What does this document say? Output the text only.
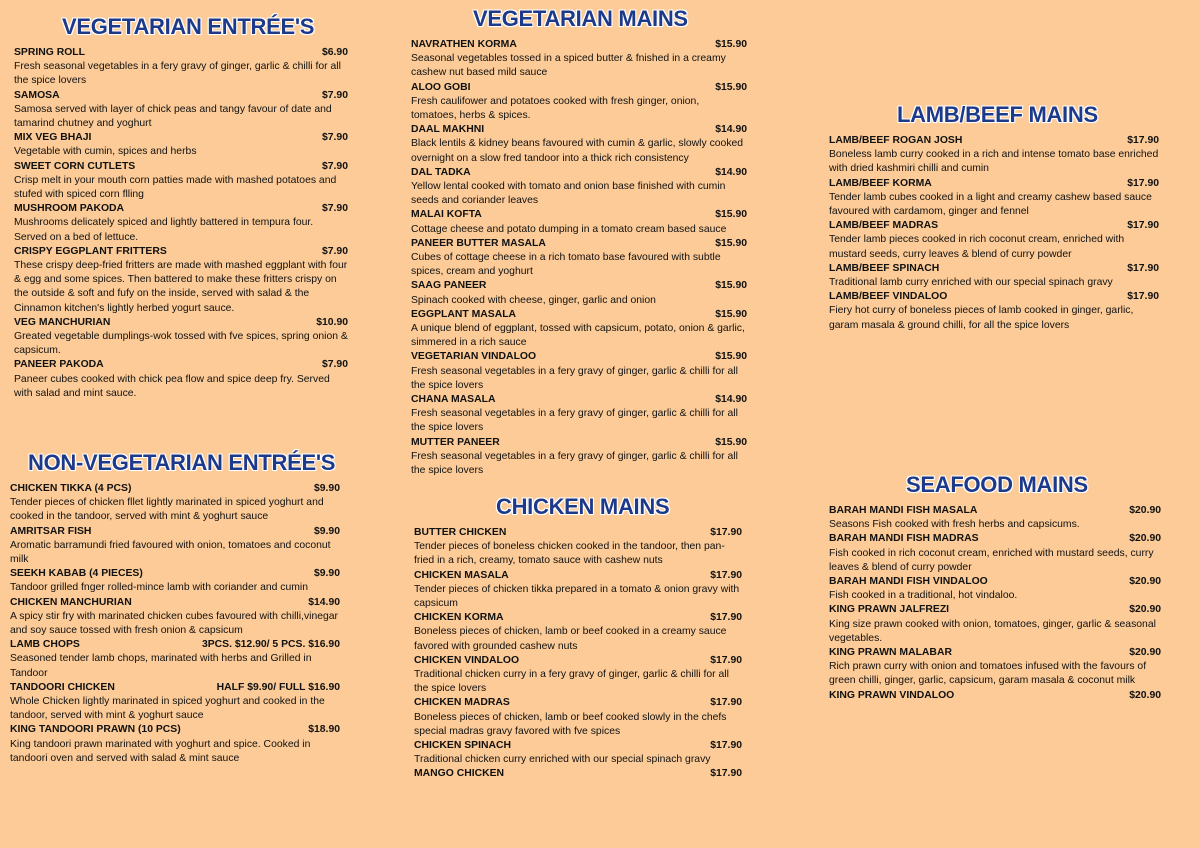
VEGETARIAN ENTRÉE'S
SPRING ROLL	$6.90
Fresh seasonal vegetables in a fery gravy of ginger, garlic & chilli for all the spice lovers
SAMOSA	$7.90
Samosa served with layer of chick peas and tangy favour of date and tamarind chutney and yoghurt
MIX VEG BHAJI	$7.90
Vegetable with cumin, spices and herbs
SWEET CORN CUTLETS	$7.90
Crisp melt in your mouth corn patties made with mashed potatoes and stufed with spiced corn flling
MUSHROOM PAKODA	$7.90
Mushrooms delicately spiced and lightly battered in tempura four. Served on a bed of lettuce.
CRISPY EGGPLANT FRITTERS	$7.90
These crispy deep-fried fritters are made with mashed eggplant with four & egg and some spices. Then battered to make these fritters crispy on the outside & soft and fufy on the inside, served with salad & the Cinnamon kitchen's lightly herbed yogurt sauce.
VEG MANCHURIAN	$10.90
Greated vegetable dumplings-wok tossed with fve spices, spring onion & capsicum.
PANEER PAKODA	$7.90
Paneer cubes cooked with chick pea flow and spice deep fry. Served with salad and mint sauce.
NON-VEGETARIAN ENTRÉE'S
CHICKEN TIKKA (4 PCS)	$9.90
Tender pieces of chicken fllet lightly marinated in spiced yoghurt and cooked in the tandoor, served with mint & yoghurt sauce
AMRITSAR FISH	$9.90
Aromatic barramundi fried favoured with onion, tomatoes and coconut milk
SEEKH KABAB (4 PIECES)	$9.90
Tandoor grilled fnger rolled-mince lamb with coriander and cumin
CHICKEN MANCHURIAN	$14.90
A spicy stir fry with marinated chicken cubes favoured with chilli,vinegar and soy sauce tossed with fresh onion & capsicum
LAMB CHOPS	3PCS. $12.90/ 5 PCS. $16.90
Seasoned tender lamb chops, marinated with herbs and Grilled in Tandoor
TANDOORI CHICKEN	HALF $9.90/ FULL $16.90
Whole Chicken lightly marinated in spiced yoghurt and cooked in the tandoor, served with mint & yoghurt sauce
KING TANDOORI PRAWN (10 PCS)	$18.90
King tandoori prawn marinated with yoghurt and spice. Cooked in tandoori oven and served with salad & mint sauce
VEGETARIAN MAINS
NAVRATHEN KORMA	$15.90
Seasonal vegetables tossed in a spiced butter & fnished in a creamy cashew nut based mild sauce
ALOO GOBI	$15.90
Fresh caulifower and potatoes cooked with fresh ginger, onion, tomatoes, herbs & spices.
DAAL MAKHNI	$14.90
Black lentils & kidney beans favoured with cumin & garlic, slowly cooked overnight on a slow fred tandoor into a thick rich consistency
DAL TADKA	$14.90
Yellow lental cooked with tomato and onion base finished with cumin seeds and coriander leaves
MALAI KOFTA	$15.90
Cottage cheese and potato dumping in a tomato cream based sauce
PANEER BUTTER MASALA	$15.90
Cubes of cottage cheese in a rich tomato base favoured with subtle spices, cream and yoghurt
SAAG PANEER	$15.90
Spinach cooked with cheese, ginger, garlic and onion
EGGPLANT MASALA	$15.90
A unique blend of eggplant, tossed with capsicum, potato, onion & garlic, simmered in a rich sauce
VEGETARIAN VINDALOO	$15.90
Fresh seasonal vegetables in a fery gravy of ginger, garlic & chilli for all the spice lovers
CHANA MASALA	$14.90
Fresh seasonal vegetables in a fery gravy of ginger, garlic & chilli for all the spice lovers
MUTTER PANEER	$15.90
Fresh seasonal vegetables in a fery gravy of ginger, garlic & chilli for all the spice lovers
CHICKEN MAINS
BUTTER CHICKEN	$17.90
Tender pieces of boneless chicken cooked in the tandoor, then pan-fried in a rich, creamy, tomato sauce with cashew nuts
CHICKEN MASALA	$17.90
Tender pieces of chicken tikka prepared in a tomato & onion gravy with capsicum
CHICKEN KORMA	$17.90
Boneless pieces of chicken, lamb or beef cooked in a creamy sauce favored with grounded cashew nuts
CHICKEN VINDALOO	$17.90
Traditional chicken curry in a fery gravy of ginger, garlic & chilli for all the spice lovers
CHICKEN MADRAS	$17.90
Boneless pieces of chicken, lamb or beef cooked slowly in the chefs special madras gravy favored with fve spices
CHICKEN SPINACH	$17.90
Traditional chicken curry enriched with our special spinach gravy
MANGO CHICKEN	$17.90
LAMB/BEEF MAINS
LAMB/BEEF ROGAN JOSH	$17.90
Boneless lamb curry cooked in a rich and intense tomato base enriched with dried kashmiri chilli and cumin
LAMB/BEEF KORMA	$17.90
Tender lamb cubes cooked in a light and creamy cashew based sauce favoured with cardamom, ginger and fennel
LAMB/BEEF MADRAS	$17.90
Tender lamb pieces cooked in rich coconut cream, enriched with mustard seeds, curry leaves & blend of curry powder
LAMB/BEEF SPINACH	$17.90
Traditional lamb curry enriched with our special spinach gravy
LAMB/BEEF VINDALOO	$17.90
Fiery hot curry of boneless pieces of lamb cooked in ginger, garlic, garam masala & ground chilli, for all the spice lovers
SEAFOOD MAINS
BARAH MANDI FISH MASALA	$20.90
Seasons Fish cooked with fresh herbs and capsicums.
BARAH MANDI FISH MADRAS	$20.90
Fish cooked in rich coconut cream, enriched with mustard seeds, curry leaves & blend of curry powder
BARAH MANDI FISH VINDALOO	$20.90
Fish cooked in a traditional, hot vindaloo.
KING PRAWN JALFREZI	$20.90
King size prawn cooked with onion, tomatoes, ginger, garlic & seasonal vegetables.
KING PRAWN MALABAR	$20.90
Rich prawn curry with onion and tomatoes infused with the favours of green chilli, ginger, garlic, capsicum, garam masala & coconut milk
KING PRAWN VINDALOO	$20.90
